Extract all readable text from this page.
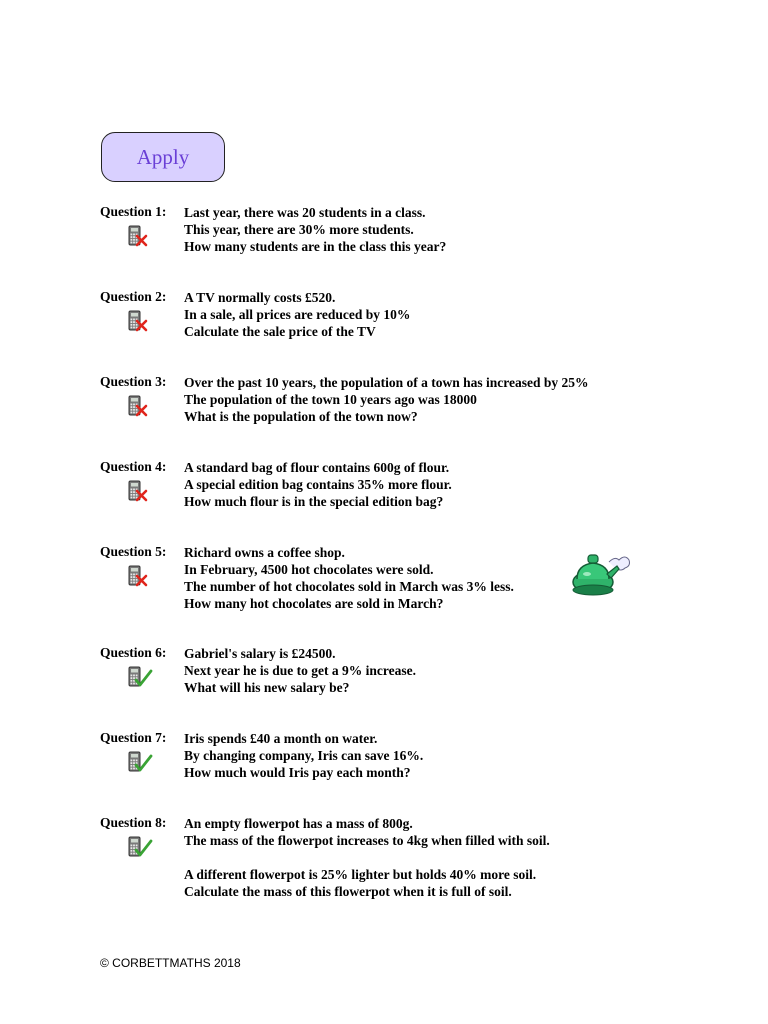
Apply
Question 1:	Last year, there was 20 students in a class.
This year, there are 30% more students.
How many students are in the class this year?
Question 2:	A TV normally costs £520.
In a sale, all prices are reduced by 10%
Calculate the sale price of the TV
Question 3:	Over the past 10 years, the population of a town has increased by 25%
The population of the town 10 years ago was 18000
What is the population of the town now?
Question 4:	A standard bag of flour contains 600g of flour.
A special edition bag contains 35% more flour.
How much flour is in the special edition bag?
Question 5:	Richard owns a coffee shop.
In February, 4500 hot chocolates were sold.
The number of hot chocolates sold in March was 3% less.
How many hot chocolates are sold in March?
Question 6:	Gabriel's salary is £24500.
Next year he is due to get a 9% increase.
What will his new salary be?
Question 7:	Iris spends £40 a month on water.
By changing company, Iris can save 16%.
How much would Iris pay each month?
Question 8:	An empty flowerpot has a mass of 800g.
The mass of the flowerpot increases to 4kg when filled with soil.
A different flowerpot is 25% lighter but holds 40% more soil.
Calculate the mass of this flowerpot when it is full of soil.
© CORBETTMATHS 2018
